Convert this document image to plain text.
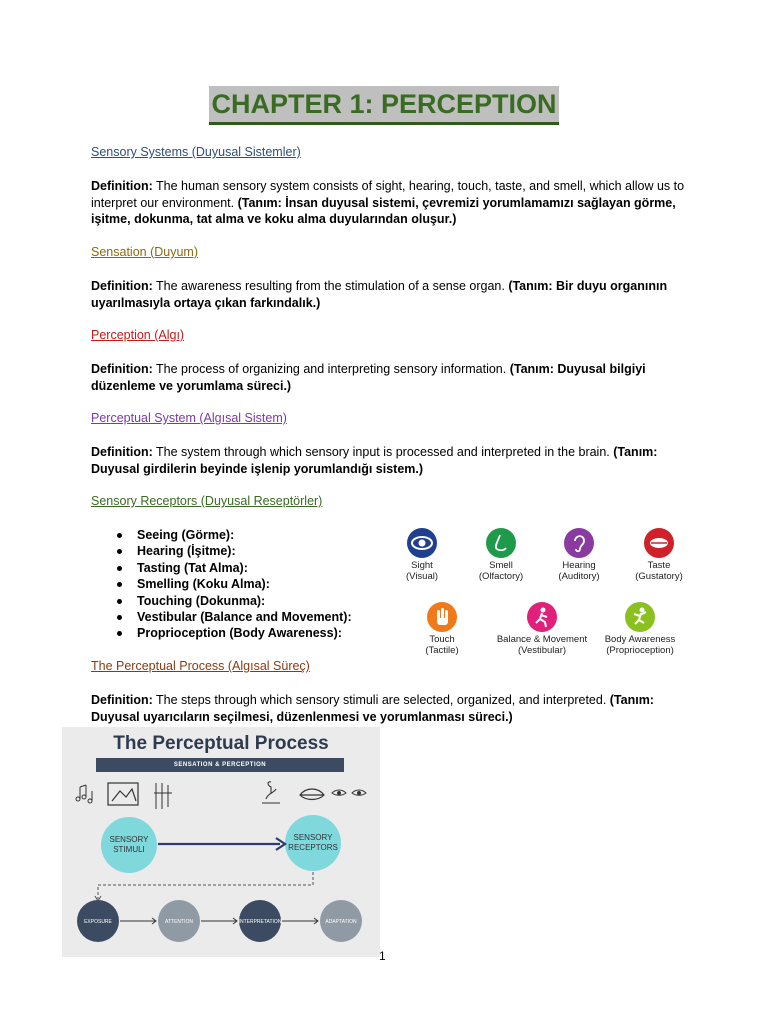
CHAPTER 1: PERCEPTION
Sensory Systems (Duyusal Sistemler)
Definition: The human sensory system consists of sight, hearing, touch, taste, and smell, which allow us to interpret our environment. (Tanım: İnsan duyusal sistemi, çevremizi yorumlamamızı sağlayan görme, işitme, dokunma, tat alma ve koku alma duyularından oluşur.)
Sensation (Duyum)
Definition: The awareness resulting from the stimulation of a sense organ. (Tanım: Bir duyu organının uyarılmasıyla ortaya çıkan farkındalık.)
Perception (Algı)
Definition: The process of organizing and interpreting sensory information. (Tanım: Duyusal bilgiyi düzenleme ve yorumlama süreci.)
Perceptual System (Algısal Sistem)
Definition: The system through which sensory input is processed and interpreted in the brain. (Tanım: Duyusal girdilerin beyinde işlenip yorumlandığı sistem.)
Sensory Receptors (Duyusal Reseptörler)
Seeing (Görme):
Hearing (İşitme):
Tasting (Tat Alma):
Smelling (Koku Alma):
Touching (Dokunma):
Vestibular (Balance and Movement):
Proprioception (Body Awareness):
Sight
(Visual)
Smell
(Olfactory)
Hearing
(Auditory)
Taste
(Gustatory)
Touch
(Tactile)
Balance & Movement
(Vestibular)
Body Awareness
(Proprioception)
The Perceptual Process (Algısal Süreç)
Definition: The steps through which sensory stimuli are selected, organized, and interpreted. (Tanım: Duyusal uyarıcıların seçilmesi, düzenlenmesi ve yorumlanması süreci.)
The Perceptual Process
SENSATION & PERCEPTION
SENSORY
STIMULI
SENSORY
RECEPTORS
EXPOSURE	ATTENTION	INTERPRETATION	ADAPTATION
1
